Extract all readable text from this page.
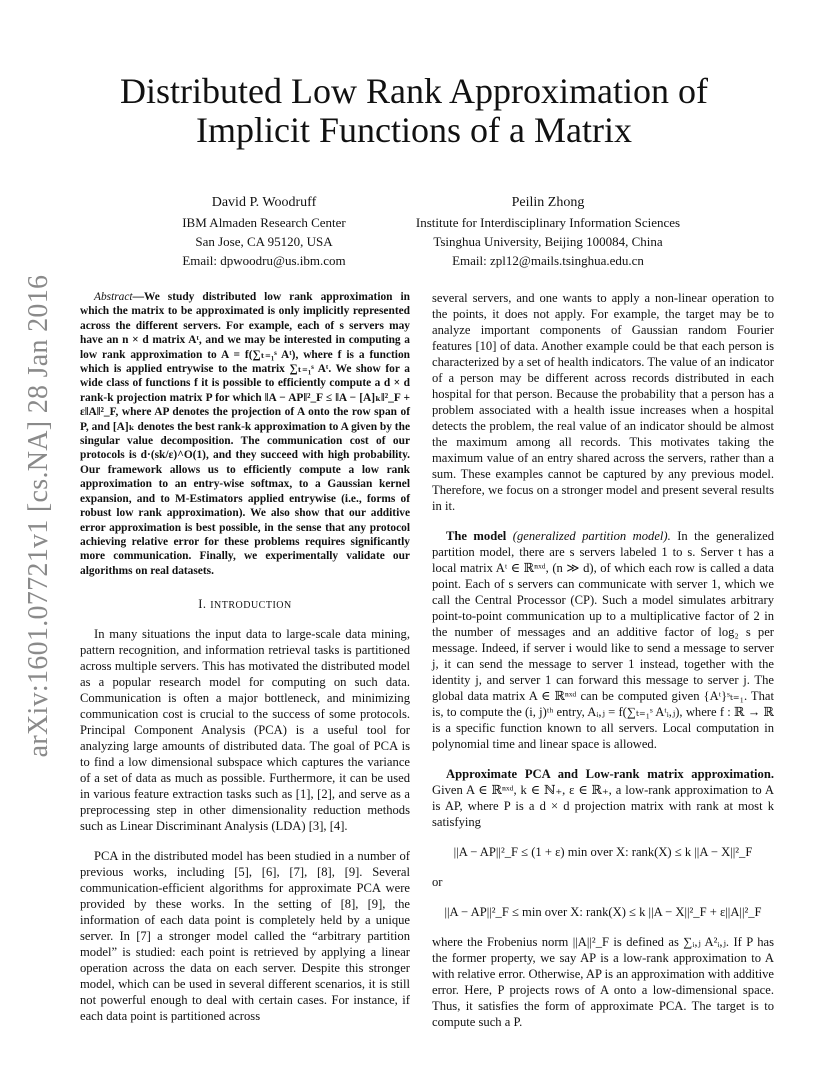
arXiv:1601.07721v1 [cs.NA] 28 Jan 2016
Distributed Low Rank Approximation of Implicit Functions of a Matrix
David P. Woodruff
IBM Almaden Research Center
San Jose, CA 95120, USA
Email: dpwoodru@us.ibm.com
Peilin Zhong
Institute for Interdisciplinary Information Sciences
Tsinghua University, Beijing 100084, China
Email: zpl12@mails.tsinghua.edu.cn

Abstract—We study distributed low rank approximation in which the matrix to be approximated is only implicitly represented across the different servers. For example, each of s servers may have an n × d matrix Aᵗ, and we may be interested in computing a low rank approximation to A = f(∑ₜ₌₁ˢ Aᵗ), where f is a function which is applied entrywise to the matrix ∑ₜ₌₁ˢ Aᵗ. We show for a wide class of functions f it is possible to efficiently compute a d × d rank-k projection matrix P for which ‖A − AP‖²_F ≤ ‖A − [A]ₖ‖²_F + ε‖A‖²_F, where AP denotes the projection of A onto the row span of P, and [A]ₖ denotes the best rank-k approximation to A given by the singular value decomposition. The communication cost of our protocols is d·(sk/ε)^O(1), and they succeed with high probability. Our framework allows us to efficiently compute a low rank approximation to an entry-wise softmax, to a Gaussian kernel expansion, and to M-Estimators applied entrywise (i.e., forms of robust low rank approximation). We also show that our additive error approximation is best possible, in the sense that any protocol achieving relative error for these problems requires significantly more communication. Finally, we experimentally validate our algorithms on real datasets.

I. INTRODUCTION

In many situations the input data to large-scale data mining, pattern recognition, and information retrieval tasks is partitioned across multiple servers. This has motivated the distributed model as a popular research model for computing on such data. Communication is often a major bottleneck, and minimizing communication cost is crucial to the success of some protocols. Principal Component Analysis (PCA) is a useful tool for analyzing large amounts of distributed data. The goal of PCA is to find a low dimensional subspace which captures the variance of a set of data as much as possible. Furthermore, it can be used in various feature extraction tasks such as [1], [2], and serve as a preprocessing step in other dimensionality reduction methods such as Linear Discriminant Analysis (LDA) [3], [4].

PCA in the distributed model has been studied in a number of previous works, including [5], [6], [7], [8], [9]. Several communication-efficient algorithms for approximate PCA were provided by these works. In the setting of [8], [9], the information of each data point is completely held by a unique server. In [7] a stronger model called the “arbitrary partition model” is studied: each point is retrieved by applying a linear operation across the data on each server. Despite this stronger model, which can be used in several different scenarios, it is still not powerful enough to deal with certain cases. For instance, if each data point is partitioned across

several servers, and one wants to apply a non-linear operation to the points, it does not apply. For example, the target may be to analyze important components of Gaussian random Fourier features [10] of data. Another example could be that each person is characterized by a set of health indicators. The value of an indicator of a person may be different across records distributed in each hospital for that person. Because the probability that a person has a problem associated with a health issue increases when a hospital detects the problem, the real value of an indicator should be almost the maximum among all records. This motivates taking the maximum value of an entry shared across the servers, rather than a sum. These examples cannot be captured by any previous model. Therefore, we focus on a stronger model and present several results in it.

The model (generalized partition model). In the generalized partition model, there are s servers labeled 1 to s. Server t has a local matrix Aᵗ ∈ ℝⁿˣᵈ, (n ≫ d), of which each row is called a data point. Each of s servers can communicate with server 1, which we call the Central Processor (CP). Such a model simulates arbitrary point-to-point communication up to a multiplicative factor of 2 in the number of messages and an additive factor of log₂ s per message. Indeed, if server i would like to send a message to server j, it can send the message to server 1 instead, together with the identity j, and server 1 can forward this message to server j. The global data matrix A ∈ ℝⁿˣᵈ can be computed given {Aᵗ}ˢₜ₌₁. That is, to compute the (i, j)ᵗʰ entry, Aᵢ,ⱼ = f(∑ₜ₌₁ˢ Aᵗᵢ,ⱼ), where f : ℝ → ℝ is a specific function known to all servers. Local computation in polynomial time and linear space is allowed.

Approximate PCA and Low-rank matrix approximation. Given A ∈ ℝⁿˣᵈ, k ∈ ℕ₊, ε ∈ ℝ₊, a low-rank approximation to A is AP, where P is a d × d projection matrix with rank at most k satisfying

||A − AP||²_F ≤ (1 + ε) min over X: rank(X) ≤ k ||A − X||²_F

or

||A − AP||²_F ≤ min over X: rank(X) ≤ k ||A − X||²_F + ε||A||²_F

where the Frobenius norm ||A||²_F is defined as ∑ᵢ,ⱼ A²ᵢ,ⱼ. If P has the former property, we say AP is a low-rank approximation to A with relative error. Otherwise, AP is an approximation with additive error. Here, P projects rows of A onto a low-dimensional space. Thus, it satisfies the form of approximate PCA. The target is to compute such a P.
